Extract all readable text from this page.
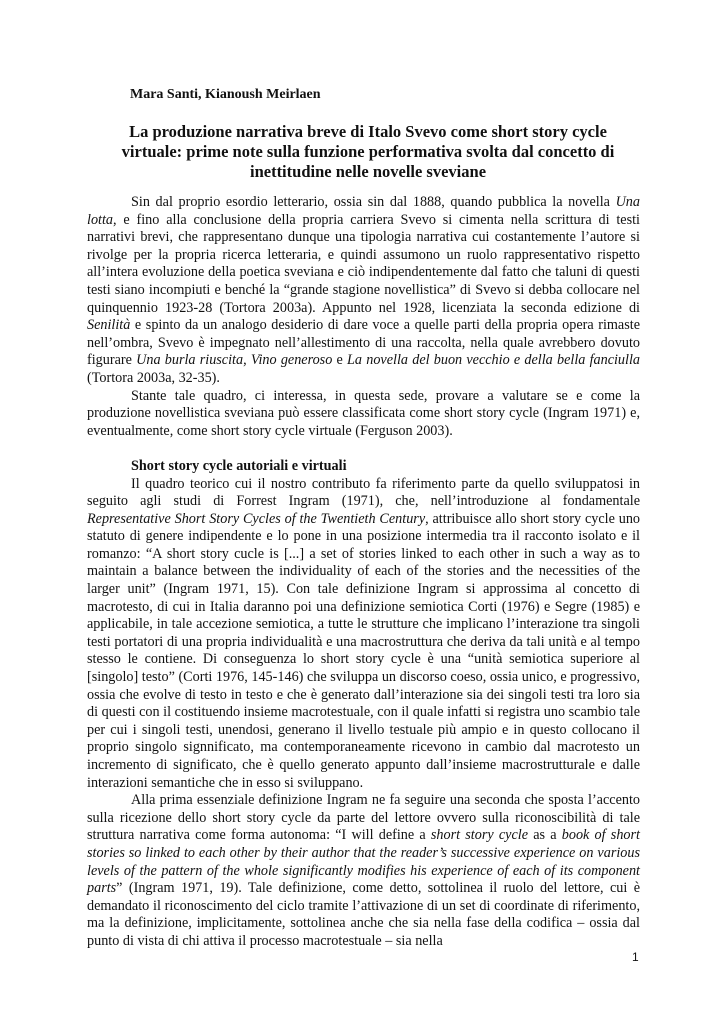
Mara Santi, Kianoush Meirlaen
La produzione narrativa breve di Italo Svevo come short story cycle virtuale: prime note sulla funzione performativa svolta dal concetto di inettitudine nelle novelle sveviane

Sin dal proprio esordio letterario, ossia sin dal 1888, quando pubblica la novella Una lotta, e fino alla conclusione della propria carriera Svevo si cimenta nella scrittura di testi narrativi brevi, che rappresentano dunque una tipologia narrativa cui costantemente l’autore si rivolge per la propria ricerca letteraria, e quindi assumono un ruolo rappresentativo rispetto all’intera evoluzione della poetica sveviana e ciò indipendentemente dal fatto che taluni di questi testi siano incompiuti e benché la “grande stagione novellistica” di Svevo si debba collocare nel quinquennio 1923-28 (Tortora 2003a). Appunto nel 1928, licenziata la seconda edizione di Senilità e spinto da un analogo desiderio di dare voce a quelle parti della propria opera rimaste nell’ombra, Svevo è impegnato nell’allestimento di una raccolta, nella quale avrebbero dovuto figurare Una burla riuscita, Vino generoso e La novella del buon vecchio e della bella fanciulla (Tortora 2003a, 32-35).

Stante tale quadro, ci interessa, in questa sede, provare a valutare se e come la produzione novellistica sveviana può essere classificata come short story cycle (Ingram 1971) e, eventualmente, come short story cycle virtuale (Ferguson 2003).

Short story cycle autoriali e virtuali

Il quadro teorico cui il nostro contributo fa riferimento parte da quello sviluppatosi in seguito agli studi di Forrest Ingram (1971), che, nell’introduzione al fondamentale Representative Short Story Cycles of the Twentieth Century, attribuisce allo short story cycle uno statuto di genere indipendente e lo pone in una posizione intermedia tra il racconto isolato e il romanzo: “A short story cucle is [...] a set of stories linked to each other in such a way as to maintain a balance between the individuality of each of the stories and the necessities of the larger unit” (Ingram 1971, 15). Con tale definizione Ingram si approssima al concetto di macrotesto, di cui in Italia daranno poi una definizione semiotica Corti (1976) e Segre (1985) e applicabile, in tale accezione semiotica, a tutte le strutture che implicano l’interazione tra singoli testi portatori di una propria individualità e una macrostruttura che deriva da tali unità e al tempo stesso le contiene. Di conseguenza lo short story cycle è una “unità semiotica superiore al [singolo] testo” (Corti 1976, 145-146) che sviluppa un discorso coeso, ossia unico, e progressivo, ossia che evolve di testo in testo e che è generato dall’interazione sia dei singoli testi tra loro sia di questi con il costituendo insieme macrotestuale, con il quale infatti si registra uno scambio tale per cui i singoli testi, unendosi, generano il livello testuale più ampio e in questo collocano il proprio singolo signnificato, ma contemporaneamente ricevono in cambio dal macrotesto un incremento di significato, che è quello generato appunto dall’insieme macrostrutturale e dalle interazioni semantiche che in esso si sviluppano.

Alla prima essenziale definizione Ingram ne fa seguire una seconda che sposta l’accento sulla ricezione dello short story cycle da parte del lettore ovvero sulla riconoscibilità di tale struttura narrativa come forma autonoma: “I will define a short story cycle as a book of short stories so linked to each other by their author that the reader’s successive experience on various levels of the pattern of the whole significantly modifies his experience of each of its component parts” (Ingram 1971, 19). Tale definizione, come detto, sottolinea il ruolo del lettore, cui è demandato il riconoscimento del ciclo tramite l’attivazione di un set di coordinate di riferimento, ma la definizione, implicitamente, sottolinea anche che sia nella fase della codifica – ossia dal punto di vista di chi attiva il processo macrotestuale – sia nella

1
